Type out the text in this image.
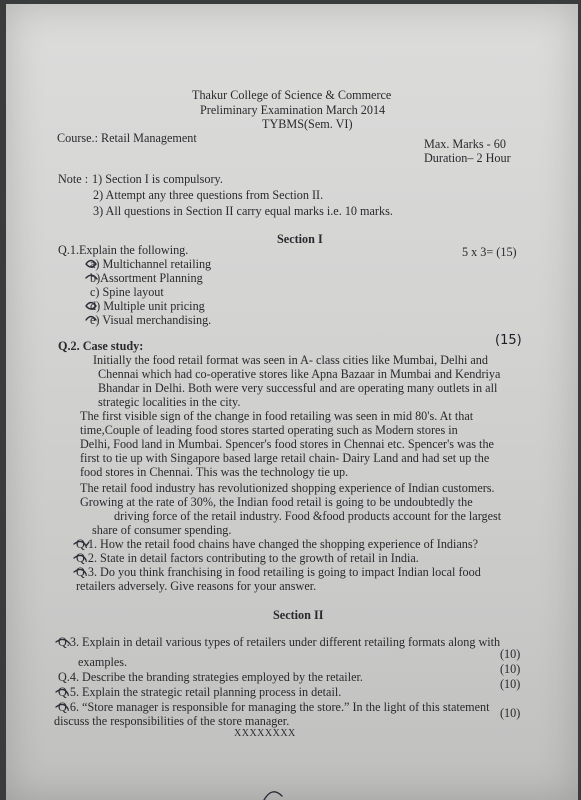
Thakur College of Science & Commerce
Preliminary Examination March 2014
TYBMS(Sem. VI)
Course.: Retail Management	Max. Marks - 60
Duration– 2 Hour
Note : 1) Section I is compulsory.
2) Attempt any three questions from Section II.
3) All questions in Section II carry equal marks i.e. 10 marks.
Section I
Q.1.Explain the following.	5 x 3= (15)
a) Multichannel retailing
b)Assortment Planning
c) Spine layout
d) Multiple unit pricing
e) Visual merchandising.
Q.2. Case study:	(15)
Initially the food retail format was seen in A- class cities like Mumbai, Delhi and
Chennai which had co-operative stores like Apna Bazaar in Mumbai and Kendriya
Bhandar in Delhi. Both were very successful and are operating many outlets in all
strategic localities in the city.
The first visible sign of the change in food retailing was seen in mid 80's. At that
time,Couple of leading food stores started operating such as Modern stores in
Delhi, Food land in Mumbai. Spencer's food stores in Chennai etc. Spencer's was the
first to tie up with Singapore based large retail chain- Dairy Land and had set up the
food stores in Chennai. This was the technology tie up.
The retail food industry has revolutionized shopping experience of Indian customers.
Growing at the rate of 30%, the Indian food retail is going to be undoubtedly the
driving force of the retail industry. Food &food products account for the largest
share of consumer spending.
Q.1. How the retail food chains have changed the shopping experience of Indians?
Q.2. State in detail factors contributing to the growth of retail in India.
Q.3. Do you think franchising in food retailing is going to impact Indian local food
retailers adversely. Give reasons for your answer.
Section II
Q.3. Explain in detail various types of retailers under different retailing formats along with
(10)
examples.
Q.4. Describe the branding strategies employed by the retailer.
(10)
Q.5. Explain the strategic retail planning process in detail.
(10)
Q.6. “Store manager is responsible for managing the store.” In the light of this statement (10)
discuss the responsibilities of the store manager.
XXXXXXXX
